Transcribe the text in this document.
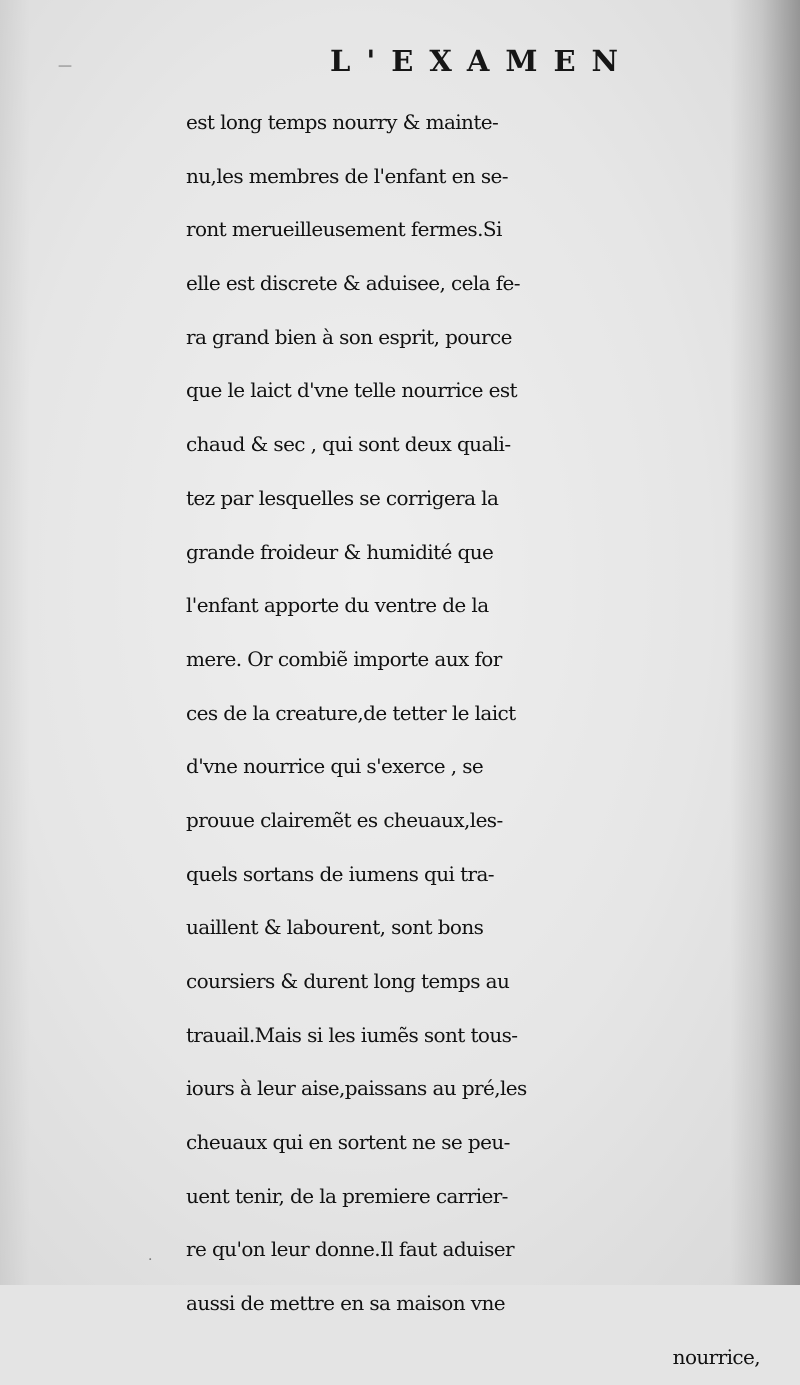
L'EXAMEN
est long temps nourry & mainte-
nu,les membres de l'enfant en se-
ront merueilleusement fermes.Si
elle est discrete & aduisee, cela fe-
ra grand bien à son esprit, pource
que le laict d'vne telle nourrice est
chaud & sec , qui sont deux quali-
tez par lesquelles se corrigera la
grande froideur & humidité que
l'enfant apporte du ventre de la
mere. Or combiẽ importe aux for
ces de la creature,de tetter le laict
d'vne nourrice qui s'exerce , se
prouue clairemẽt es cheuaux,les-
quels sortans de iumens qui tra-
uaillent & labourent, sont bons
coursiers & durent long temps au
trauail.Mais si les iumẽs sont tous-
iours à leur aise,paissans au pré,les
cheuaux qui en sortent ne se peu-
uent tenir, de la premiere carrier-
re qu'on leur donne.Il faut aduiser
aussi de mettre en sa maison vne
nourrice,
—
·
